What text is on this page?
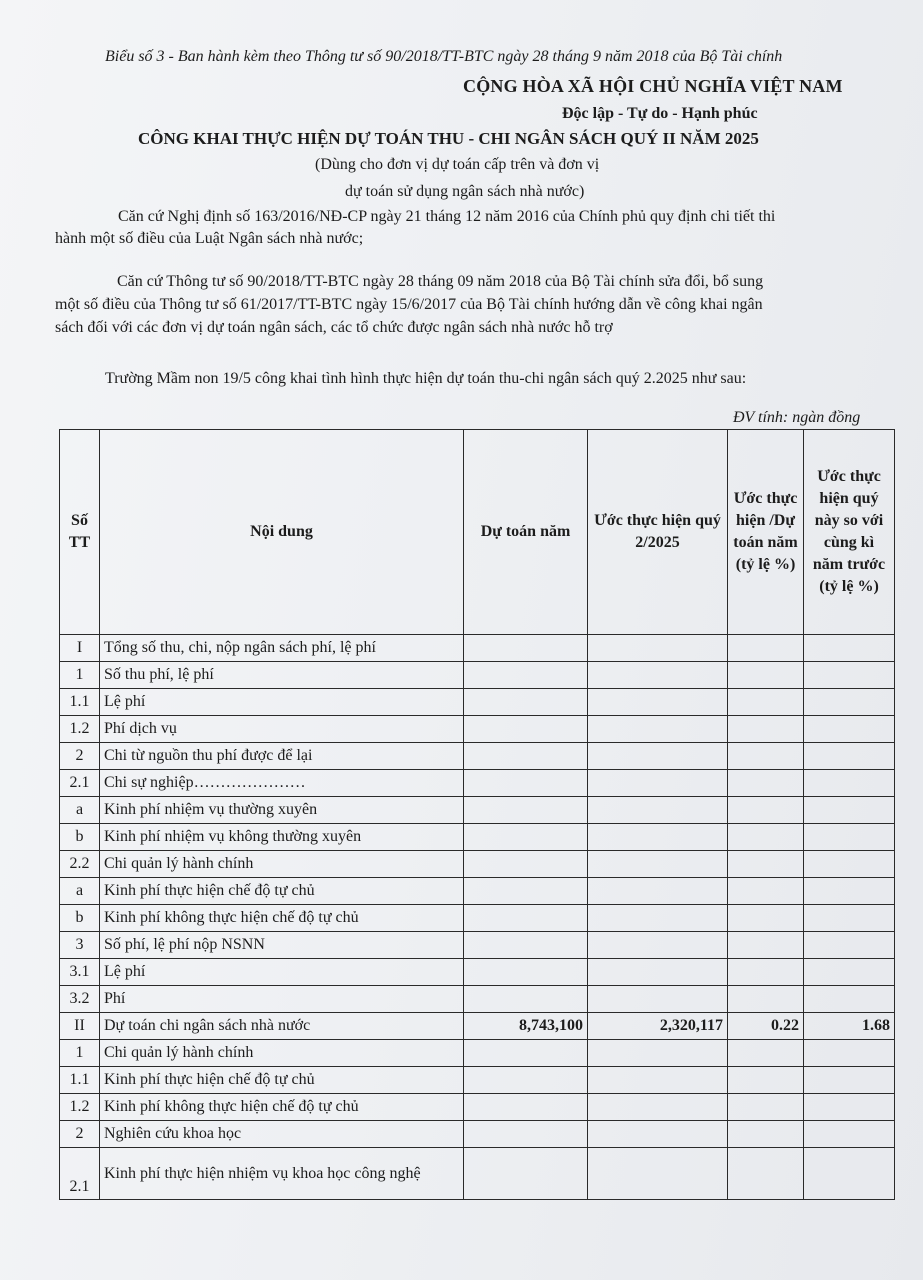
Biểu số 3 - Ban hành kèm theo Thông tư số 90/2018/TT-BTC ngày 28 tháng 9 năm 2018 của Bộ Tài chính
CỘNG HÒA XÃ HỘI CHỦ NGHĨA VIỆT NAM
Độc lập - Tự do - Hạnh phúc
CÔNG KHAI THỰC HIỆN DỰ TOÁN THU - CHI NGÂN SÁCH QUÝ II NĂM 2025
(Dùng cho đơn vị dự toán cấp trên và đơn vị
dự toán sử dụng ngân sách nhà nước)
Căn cứ Nghị định số 163/2016/NĐ-CP ngày 21 tháng 12 năm 2016 của Chính phủ quy định chi tiết thi
hành một số điều của Luật Ngân sách nhà nước;
Căn cứ Thông tư số 90/2018/TT-BTC ngày 28 tháng 09 năm 2018 của Bộ Tài chính sửa đổi, bổ sung
một số điều của Thông tư số 61/2017/TT-BTC ngày 15/6/2017 của Bộ Tài chính hướng dẫn về công khai ngân
sách đối với các đơn vị dự toán ngân sách, các tổ chức được ngân sách nhà nước hỗ trợ
Trường Mầm non 19/5 công khai tình hình thực hiện dự toán thu-chi ngân sách quý 2.2025 như sau:
ĐV tính: ngàn đồng
Số TT	Nội dung	Dự toán năm	Ước thực hiện quý 2/2025	Ước thực hiện /Dự toán năm (tỷ lệ %)	Ước thực hiện quý này so với cùng kì năm trước (tỷ lệ %)
I	Tổng số thu, chi, nộp ngân sách phí, lệ phí				
1	Số thu phí, lệ phí				
1.1	Lệ phí				
1.2	Phí dịch vụ				
2	Chi từ nguồn thu phí được để lại				
2.1	Chi sự nghiệp…………………				
a	Kinh phí nhiệm vụ thường xuyên				
b	Kinh phí nhiệm vụ không thường xuyên				
2.2	Chi quản lý hành chính				
a	Kinh phí thực hiện chế độ tự chủ				
b	Kinh phí không thực hiện chế độ tự chủ				
3	Số phí, lệ phí nộp NSNN				
3.1	Lệ phí				
3.2	Phí				
II	Dự toán chi ngân sách nhà nước	8,743,100	2,320,117	0.22	1.68
1	Chi quản lý hành chính				
1.1	Kinh phí thực hiện chế độ tự chủ				
1.2	Kinh phí không thực hiện chế độ tự chủ				
2	Nghiên cứu khoa học				
2.1	Kinh phí thực hiện nhiệm vụ khoa học công nghệ				
